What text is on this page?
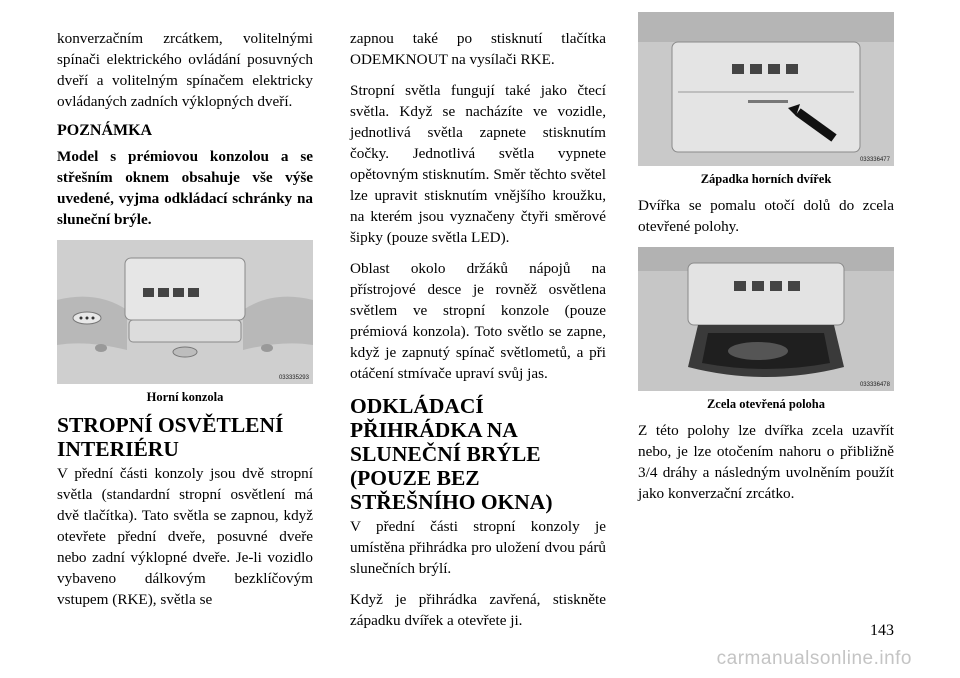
konverzačním zrcátkem, volitelnými spínači elektrického ovládání posuvných dveří a volitelným spínačem elektricky ovládaných zadních výklopných dveří.

POZNÁMKA

Model s prémiovou konzolou a se střešním oknem obsahuje vše výše uvedené, vyjma odkládací schránky na sluneční brýle.

033335293
Horní konzola
STROPNÍ OSVĚTLENÍ INTERIÉRU

V přední části konzoly jsou dvě stropní světla (standardní stropní osvětlení má dvě tlačítka). Tato světla se zapnou, když otevřete přední dveře, posuvné dveře nebo zadní výklopné dveře. Je-li vozidlo vybaveno dálkovým bezklíčovým vstupem (RKE), světla se

zapnou také po stisknutí tlačítka ODEMKNOUT na vysílači RKE.

Stropní světla fungují také jako čtecí světla. Když se nacházíte ve vozidle, jednotlivá světla zapnete stisknutím čočky. Jednotlivá světla vypnete opětovným stisknutím. Směr těchto světel lze upravit stisknutím vnějšího kroužku, na kterém jsou vyznačeny čtyři směrové šipky (pouze světla LED).

Oblast okolo držáků nápojů na přístrojové desce je rovněž osvětlena světlem ve stropní konzole (pouze prémiová konzola). Toto světlo se zapne, když je zapnutý spínač světlometů, a při otáčení stmívače upraví svůj jas.

ODKLÁDACÍ PŘIHRÁDKA NA SLUNEČNÍ BRÝLE (POUZE BEZ STŘEŠNÍHO OKNA)

V přední části stropní konzoly je umístěna přihrádka pro uložení dvou párů slunečních brýlí.

Když je přihrádka zavřená, stiskněte západku dvířek a otevřete ji.

033336477
Západka horních dvířek

Dvířka se pomalu otočí dolů do zcela otevřené polohy.

033336478
Zcela otevřená poloha

Z této polohy lze dvířka zcela uzavřít nebo, je lze otočením nahoru o přibližně 3/4 dráhy a následným uvolněním použít jako konverzační zrcátko.

143
carmanualsonline.info
